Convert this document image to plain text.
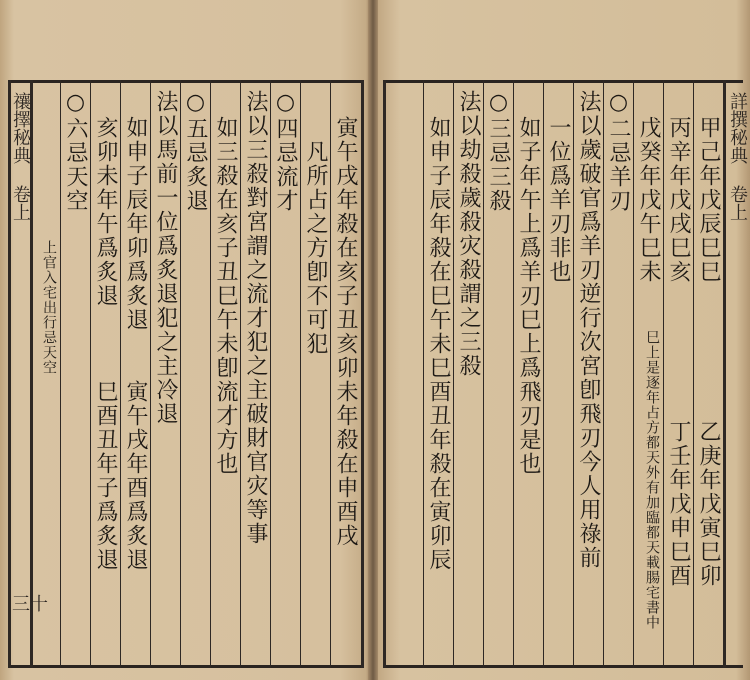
詳撰秘典 卷上
甲己年戊辰巳巳
丙辛年戊戌巳亥
戊癸年戊午巳未
○二忌羊刃
法以歲破官爲羊刃逆行次宮卽飛刃今人用祿前
一位爲羊刃非也
如子年午上爲羊刃巳上爲飛刃是也
○三忌三殺
法以劫殺歲殺灾殺謂之三殺
如申子辰年殺在巳午未巳酉丑年殺在寅卯辰	乙庚年戊寅巳卯
丁壬年戊申巳酉
巳上是逐年占方都天外有加臨都天載腸宅書中
禳擇秘典 卷上
三十
寅午戌年殺在亥子丑亥卯未年殺在申酉戌
凡所占之方卽不可犯
○四忌流才
法以三殺對宮謂之流才犯之主破財官灾等事
如三殺在亥子丑巳午未卽流才方也
○五忌炙退
法以馬前一位爲炙退犯之主冷退
如申子辰年卯爲炙退
亥卯未年午爲炙退
○六忌天空
寅午戌年酉爲炙退
巳酉丑年子爲炙退
上官入宅出行忌天空
